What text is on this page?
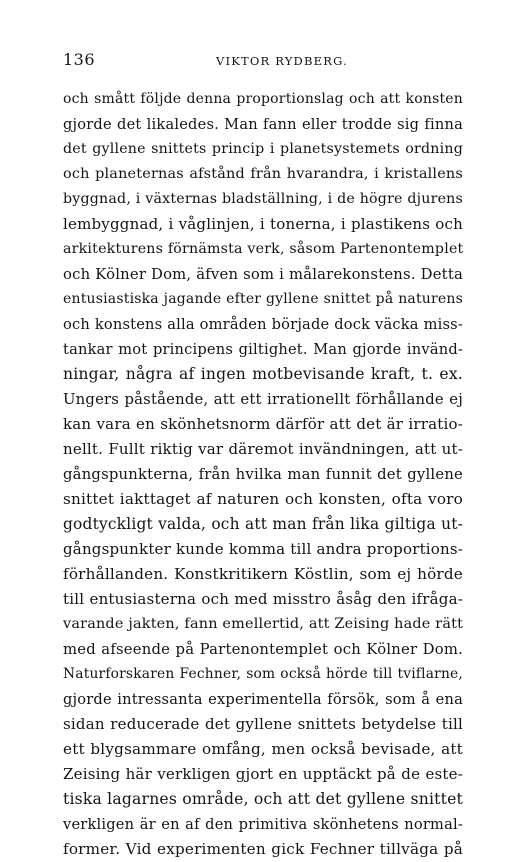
136	VIKTOR RYDBERG.
och smått följde denna proportionslag och att konsten
gjorde det likaledes. Man fann eller trodde sig finna
det gyllene snittets princip i planetsystemets ordning
och planeternas afstånd från hvarandra, i kristallens
byggnad, i växternas bladställning, i de högre djurens
lembyggnad, i våglinjen, i tonerna, i plastikens och
arkitekturens förnämsta verk, såsom Partenontemplet
och Kölner Dom, äfven som i målarekonstens. Detta
entusiastiska jagande efter gyllene snittet på naturens
och konstens alla områden började dock väcka miss-
tankar mot principens giltighet. Man gjorde invänd-
ningar, några af ingen motbevisande kraft, t. ex.
Ungers påstående, att ett irrationellt förhållande ej
kan vara en skönhetsnorm därför att det är irratio-
nellt. Fullt riktig var däremot invändningen, att ut-
gångspunkterna, från hvilka man funnit det gyllene
snittet iakttaget af naturen och konsten, ofta voro
godtyckligt valda, och att man från lika giltiga ut-
gångspunkter kunde komma till andra proportions-
förhållanden. Konstkritikern Köstlin, som ej hörde
till entusiasterna och med misstro åsåg den ifråga-
varande jakten, fann emellertid, att Zeising hade rätt
med afseende på Partenontemplet och Kölner Dom.
Naturforskaren Fechner, som också hörde till tviflarne,
gjorde intressanta experimentella försök, som å ena
sidan reducerade det gyllene snittets betydelse till
ett blygsammare omfång, men också bevisade, att
Zeising här verkligen gjort en upptäckt på de este-
tiska lagarnes område, och att det gyllene snittet
verkligen är en af den primitiva skönhetens normal-
former. Vid experimenten gick Fechner tillväga på
